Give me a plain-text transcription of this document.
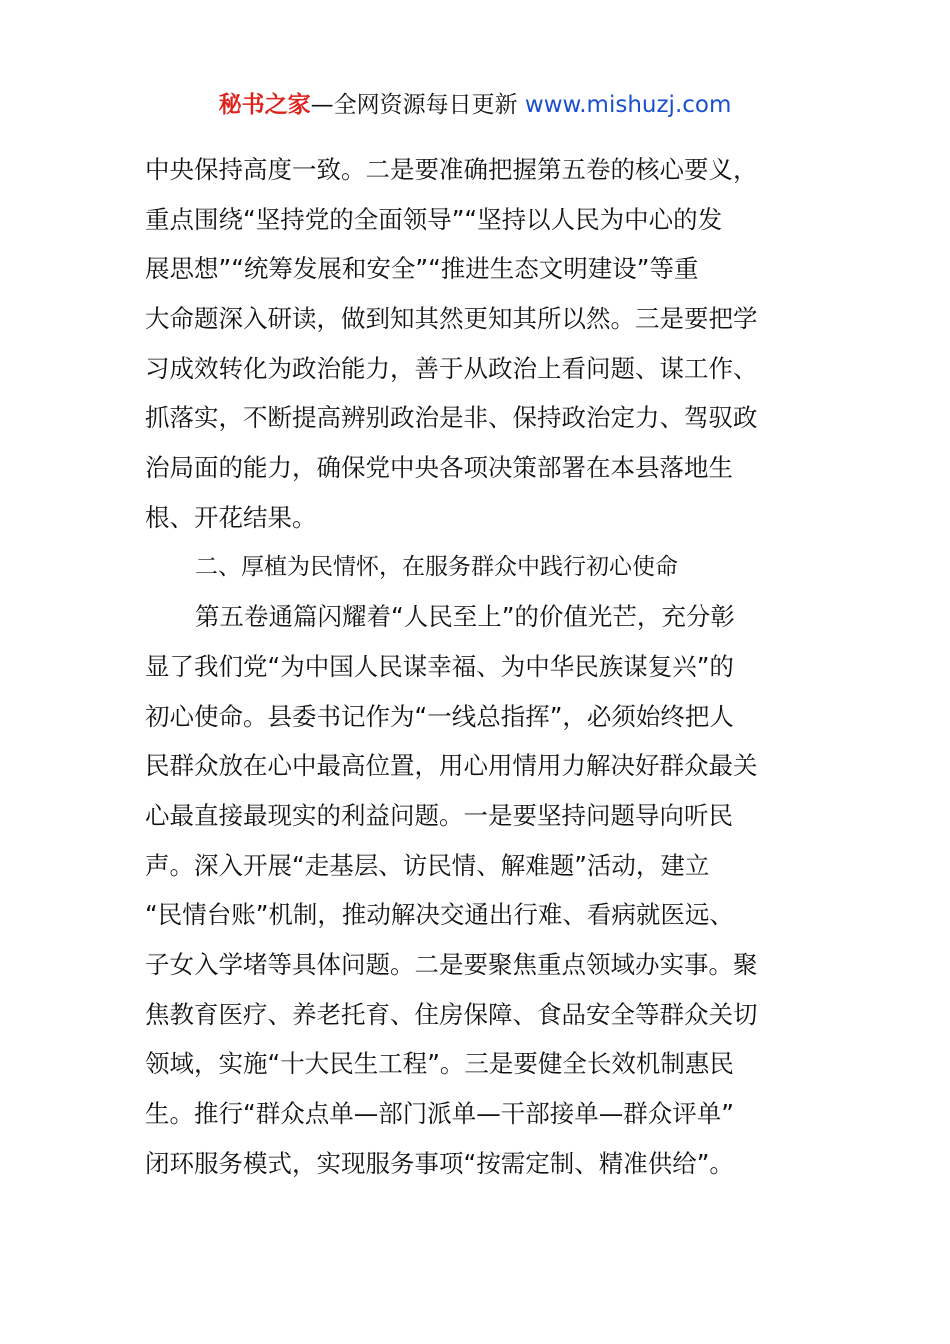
秘书之家—全网资源每日更新 www.mishuzj.com
中央保持高度一致。二是要准确把握第五卷的核心要义，
重点围绕“坚持党的全面领导”“坚持以人民为中心的发
展思想”“统筹发展和安全”“推进生态文明建设”等重
大命题深入研读，做到知其然更知其所以然。三是要把学
习成效转化为政治能力，善于从政治上看问题、谋工作、
抓落实，不断提高辨别政治是非、保持政治定力、驾驭政
治局面的能力，确保党中央各项决策部署在本县落地生
根、开花结果。
二、厚植为民情怀，在服务群众中践行初心使命
第五卷通篇闪耀着“人民至上”的价值光芒，充分彰
显了我们党“为中国人民谋幸福、为中华民族谋复兴”的
初心使命。县委书记作为“一线总指挥”，必须始终把人
民群众放在心中最高位置，用心用情用力解决好群众最关
心最直接最现实的利益问题。一是要坚持问题导向听民
声。深入开展“走基层、访民情、解难题”活动，建立
“民情台账”机制，推动解决交通出行难、看病就医远、
子女入学堵等具体问题。二是要聚焦重点领域办实事。聚
焦教育医疗、养老托育、住房保障、食品安全等群众关切
领域，实施“十大民生工程”。三是要健全长效机制惠民
生。推行“群众点单—部门派单—干部接单—群众评单”
闭环服务模式，实现服务事项“按需定制、精准供给”。
